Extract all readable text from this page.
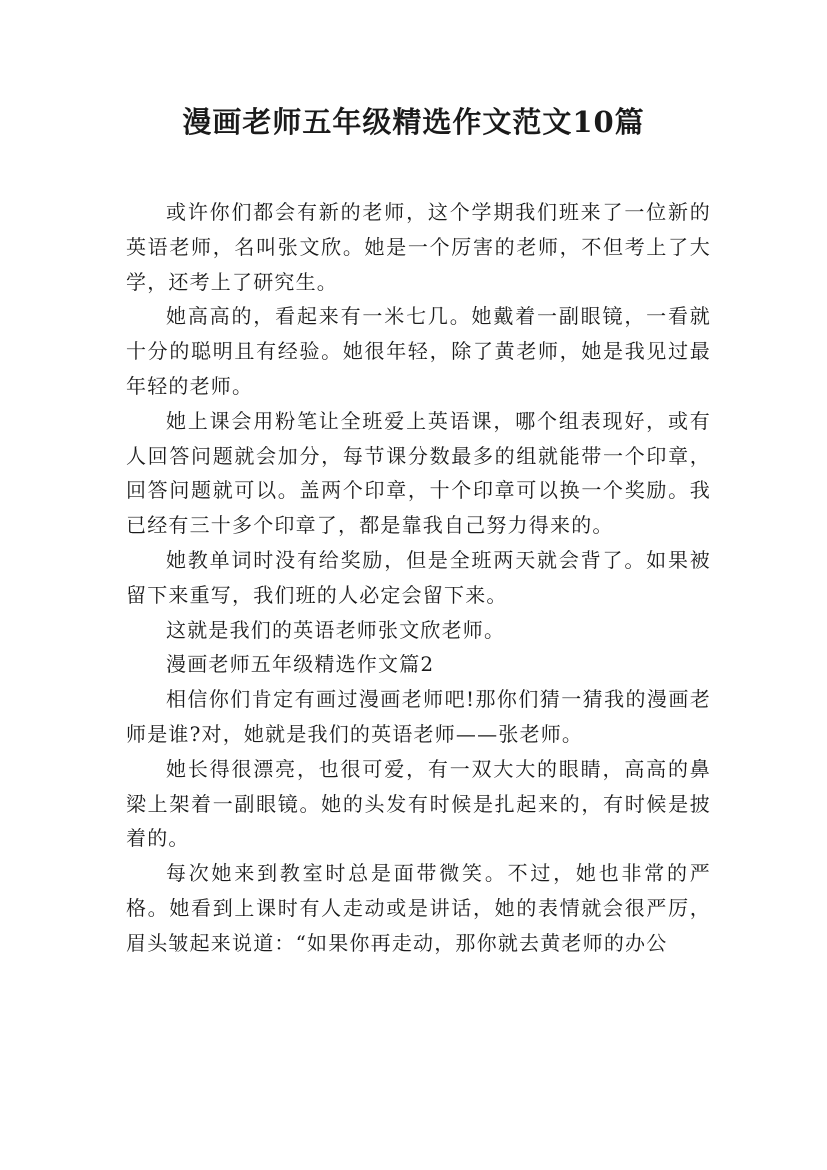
漫画老师五年级精选作文范文10篇

或许你们都会有新的老师，这个学期我们班来了一位新的英语老师，名叫张文欣。她是一个厉害的老师，不但考上了大学，还考上了研究生。

她高高的，看起来有一米七几。她戴着一副眼镜，一看就十分的聪明且有经验。她很年轻，除了黄老师，她是我见过最年轻的老师。

她上课会用粉笔让全班爱上英语课，哪个组表现好，或有人回答问题就会加分，每节课分数最多的组就能带一个印章，回答问题就可以。盖两个印章，十个印章可以换一个奖励。我已经有三十多个印章了，都是靠我自己努力得来的。

她教单词时没有给奖励，但是全班两天就会背了。如果被留下来重写，我们班的人必定会留下来。

这就是我们的英语老师张文欣老师。

漫画老师五年级精选作文篇2

相信你们肯定有画过漫画老师吧!那你们猜一猜我的漫画老师是谁?对，她就是我们的英语老师——张老师。

她长得很漂亮，也很可爱，有一双大大的眼睛，高高的鼻梁上架着一副眼镜。她的头发有时候是扎起来的，有时候是披着的。

每次她来到教室时总是面带微笑。不过，她也非常的严格。她看到上课时有人走动或是讲话，她的表情就会很严厉，眉头皱起来说道：“如果你再走动，那你就去黄老师的办公
